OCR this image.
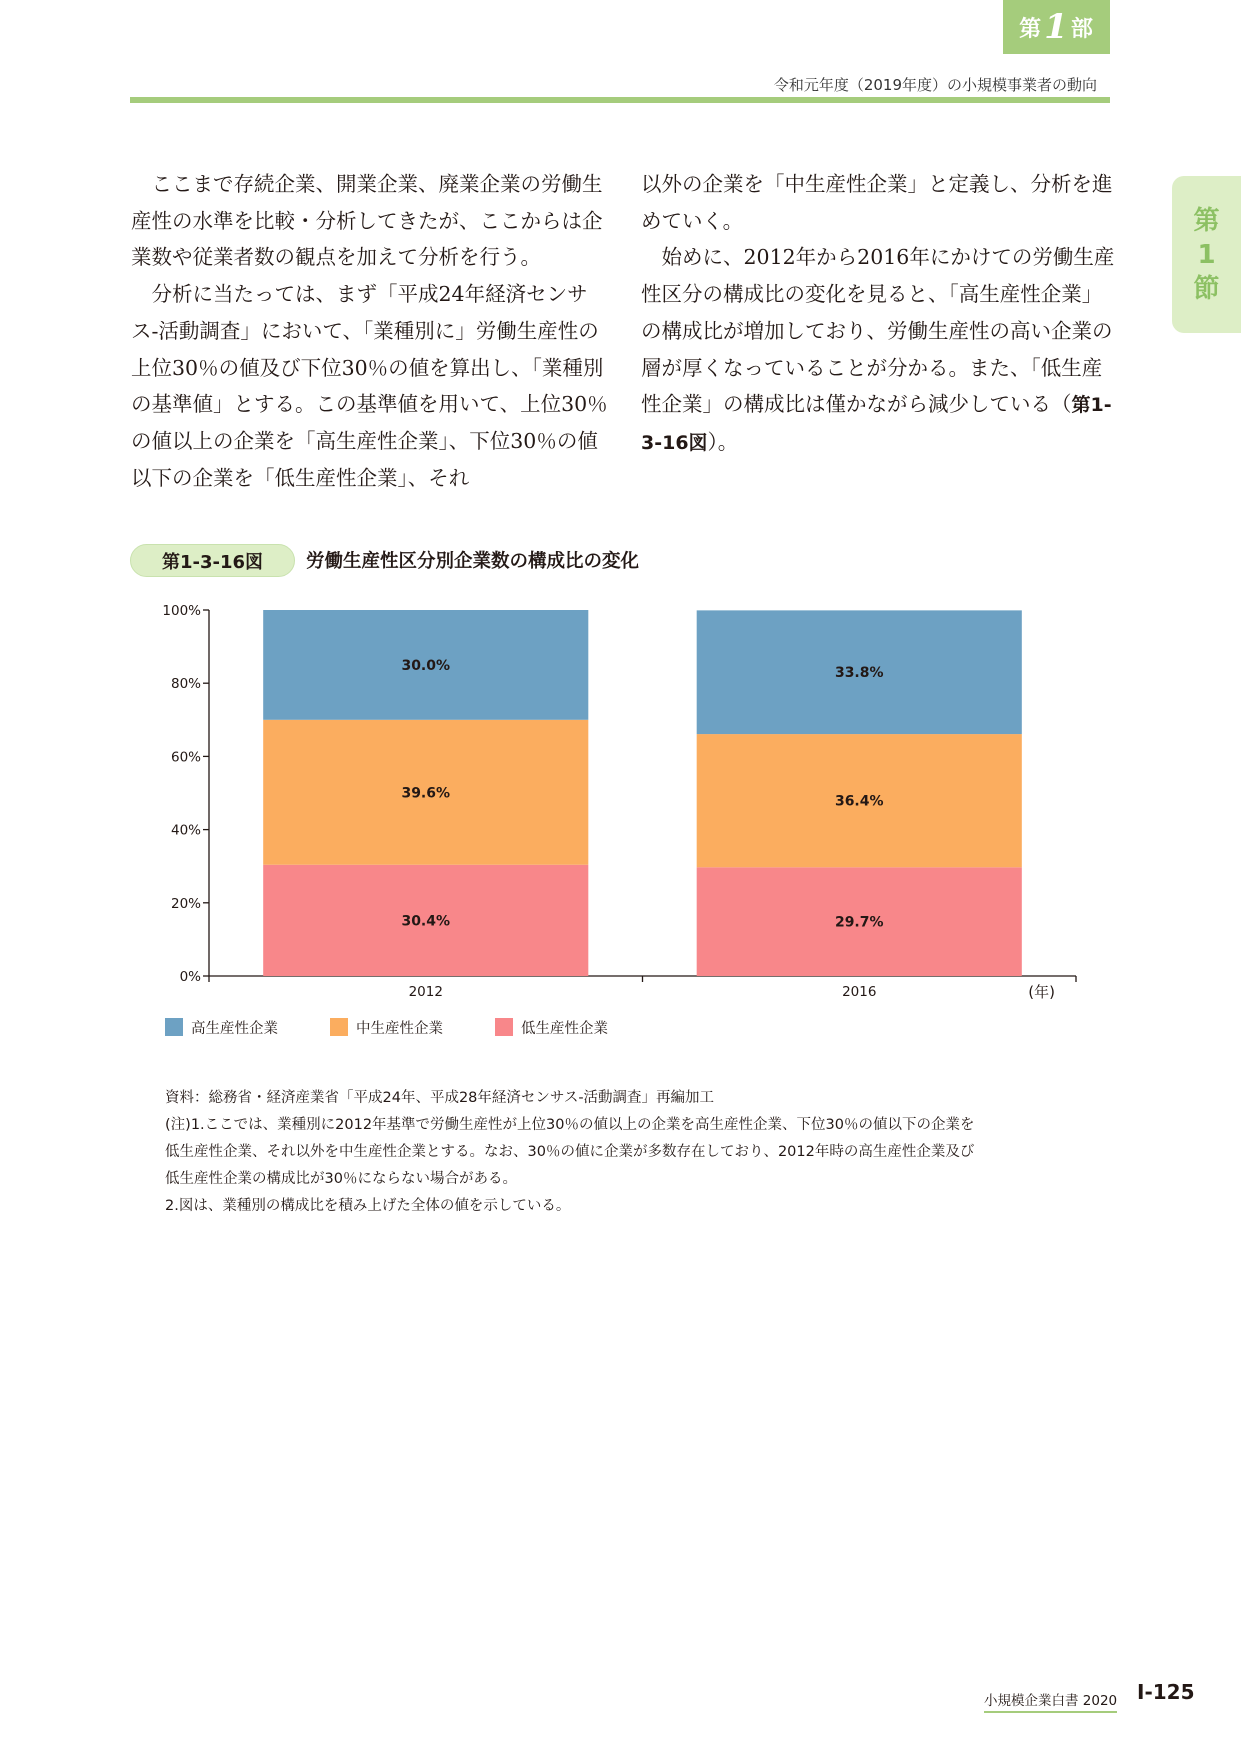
第 1 部
令和元年度（2019年度）の小規模事業者の動向
第
1
節

ここまで存続企業、開業企業、廃業企業の労働生産性の水準を比較・分析してきたが、ここからは企業数や従業者数の観点を加えて分析を行う。

分析に当たっては、まず「平成24年経済センサス‐活動調査」において、「業種別に」労働生産性の上位30％の値及び下位30％の値を算出し、「業種別の基準値」とする。この基準値を用いて、上位30％の値以上の企業を「高生産性企業」、下位30％の値以下の企業を「低生産性企業」、それ

以外の企業を「中生産性企業」と定義し、分析を進めていく。

始めに、2012年から2016年にかけての労働生産性区分の構成比の変化を見ると、「高生産性企業」の構成比が増加しており、労働生産性の高い企業の層が厚くなっていることが分かる。また、「低生産性企業」の構成比は僅かながら減少している（第1-3-16図）。

第1-3-16図	労働生産性区分別企業数の構成比の変化
0%
20%
40%
60%
80%
100%
30.4%
39.6%
30.0%
2012
29.7%
36.4%
33.8%
2016	(年)
高生産性企業	中生産性企業	低生産性企業
資料：総務省・経済産業省「平成24年、平成28年経済センサス‐活動調査」再編加工
(注)1.ここでは、業種別に2012年基準で労働生産性が上位30％の値以上の企業を高生産性企業、下位30％の値以下の企業を
低生産性企業、それ以外を中生産性企業とする。なお、30％の値に企業が多数存在しており、2012年時の高生産性企業及び
低生産性企業の構成比が30％にならない場合がある。
2.図は、業種別の構成比を積み上げた全体の値を示している。
小規模企業白書 2020 Ⅰ-125
